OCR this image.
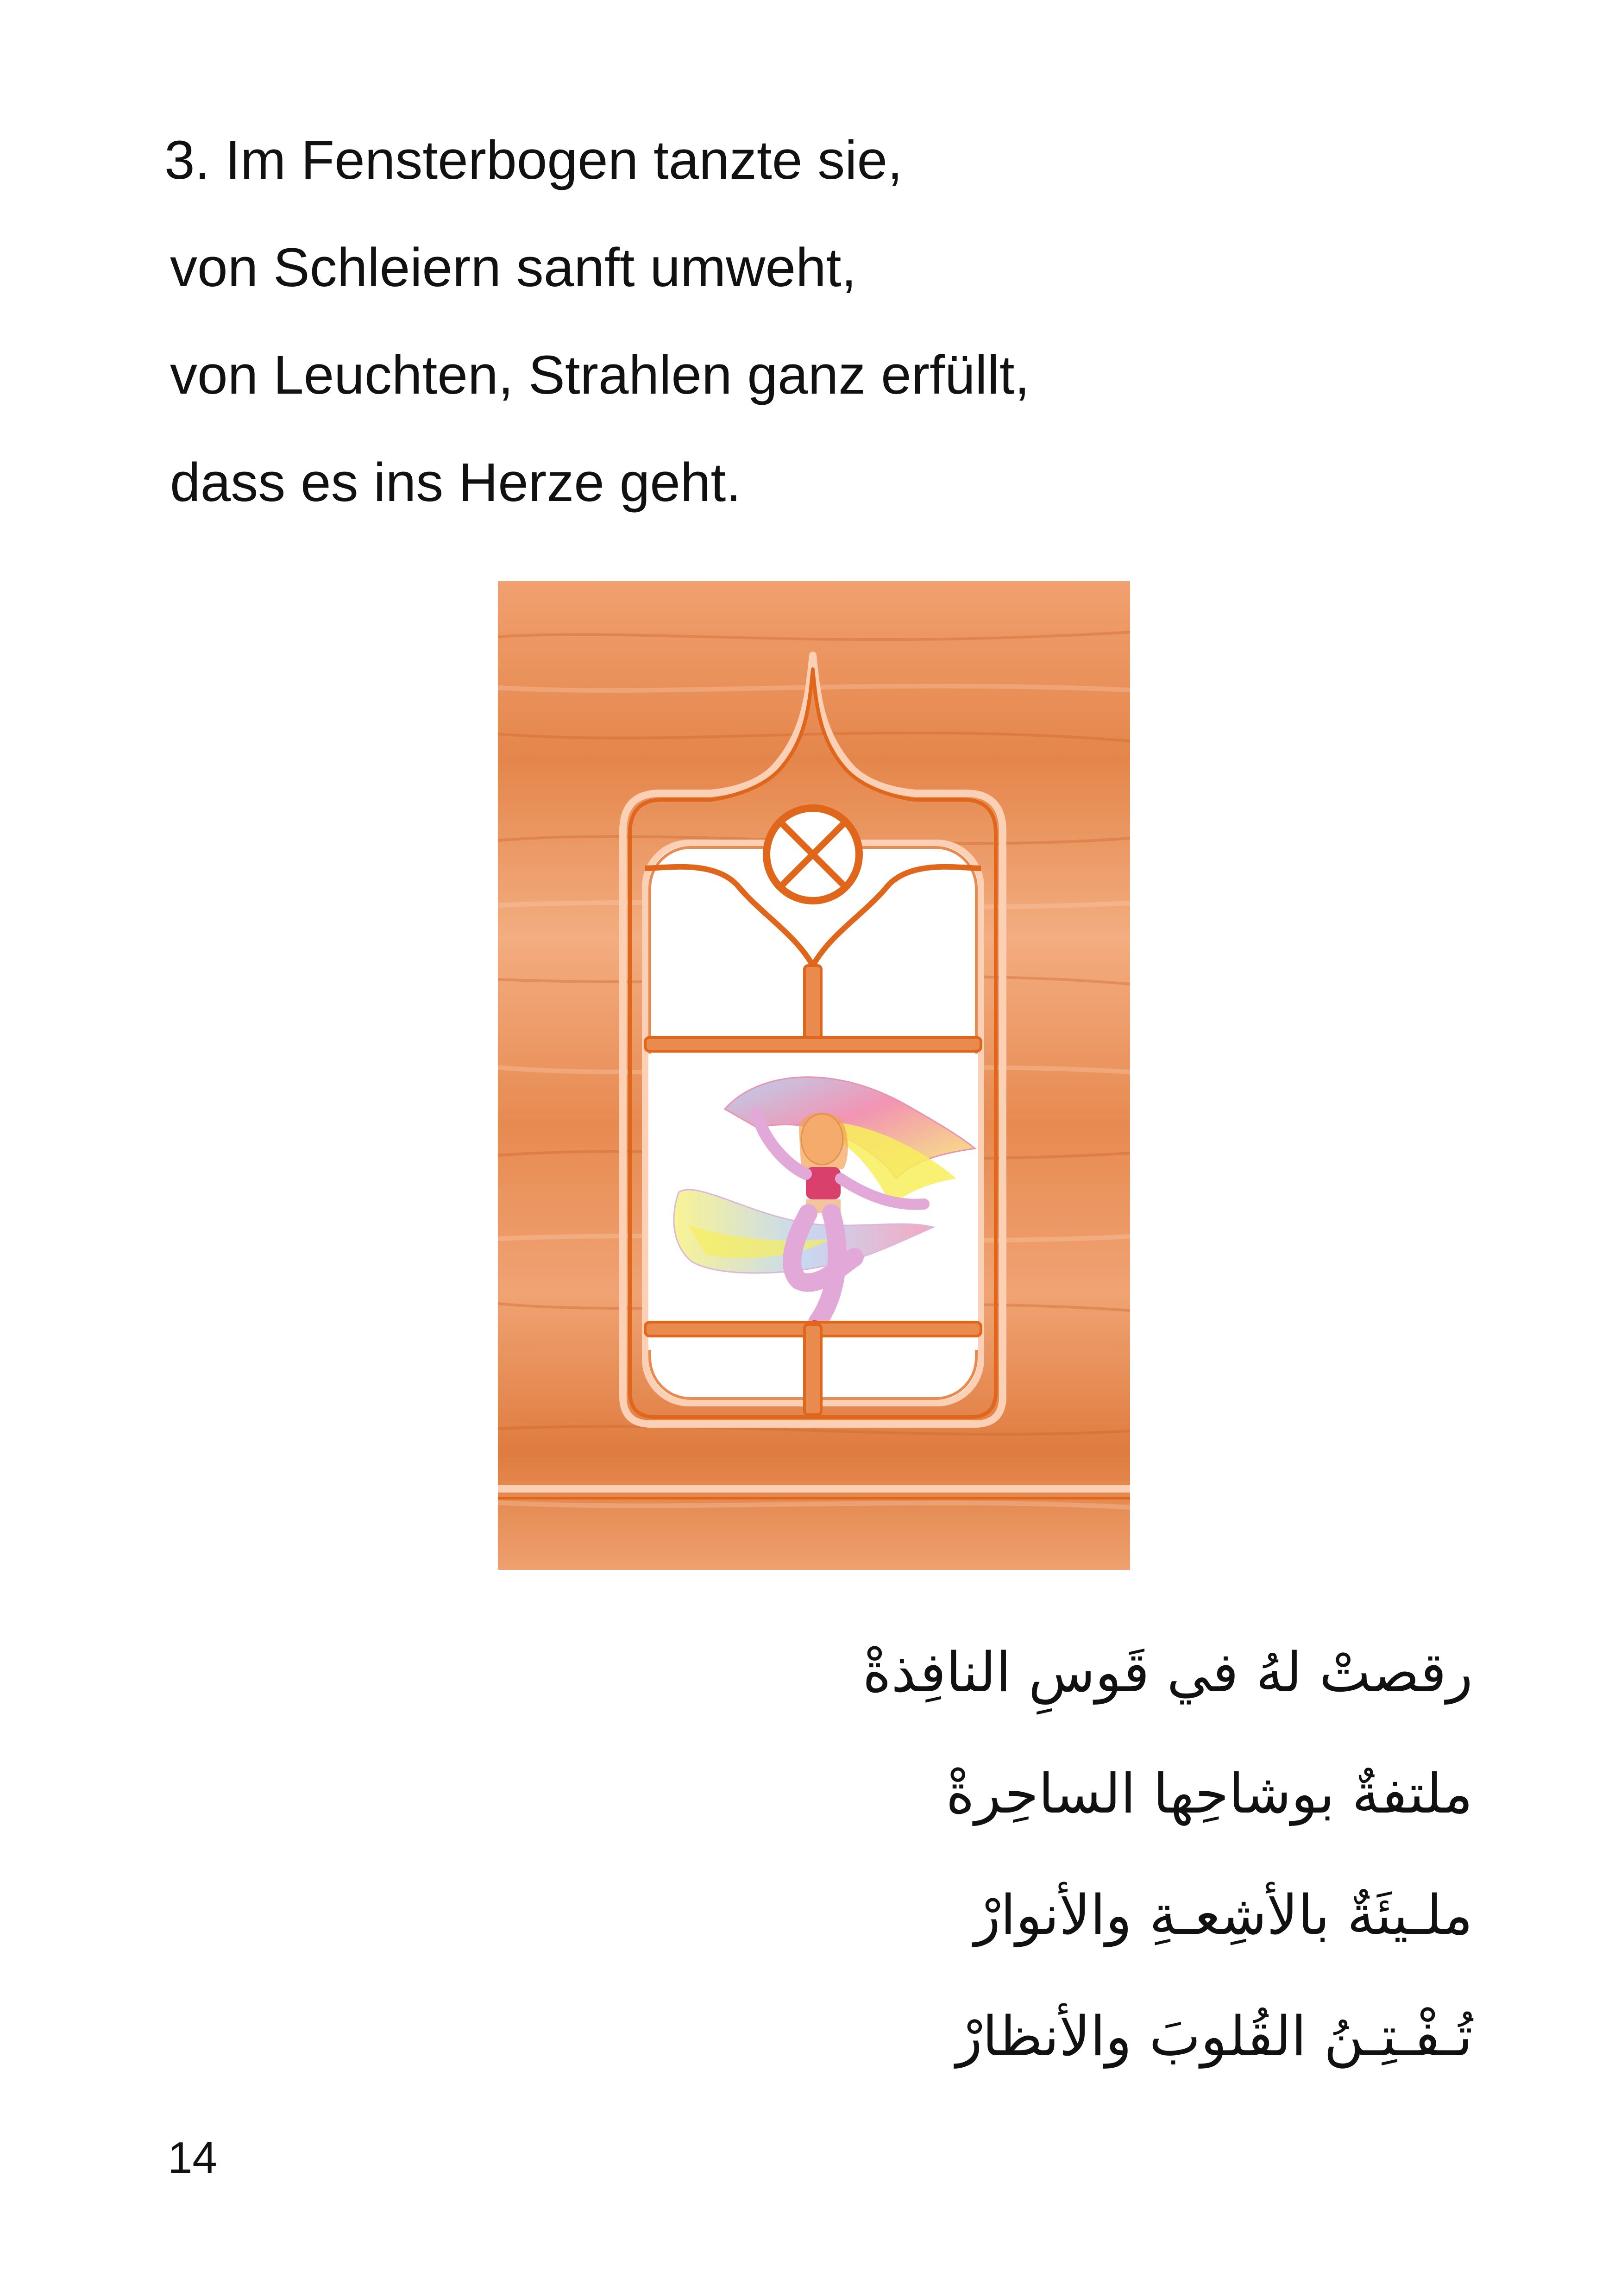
3. Im Fensterbogen tanzte sie,
von Schleiern sanft umweht,
von Leuchten, Strahlen ganz erfüllt,
dass es ins Herze geht.
رقصتْ لهُ في قَوسِ النافِذةْ
ملتفةٌ بوشاحِها الساحِرةْ
ملـيئَةٌ بالأشِعـةِ والأنوارْ
تُـفْـتِـنُ القُلوبَ والأنظارْ
14
